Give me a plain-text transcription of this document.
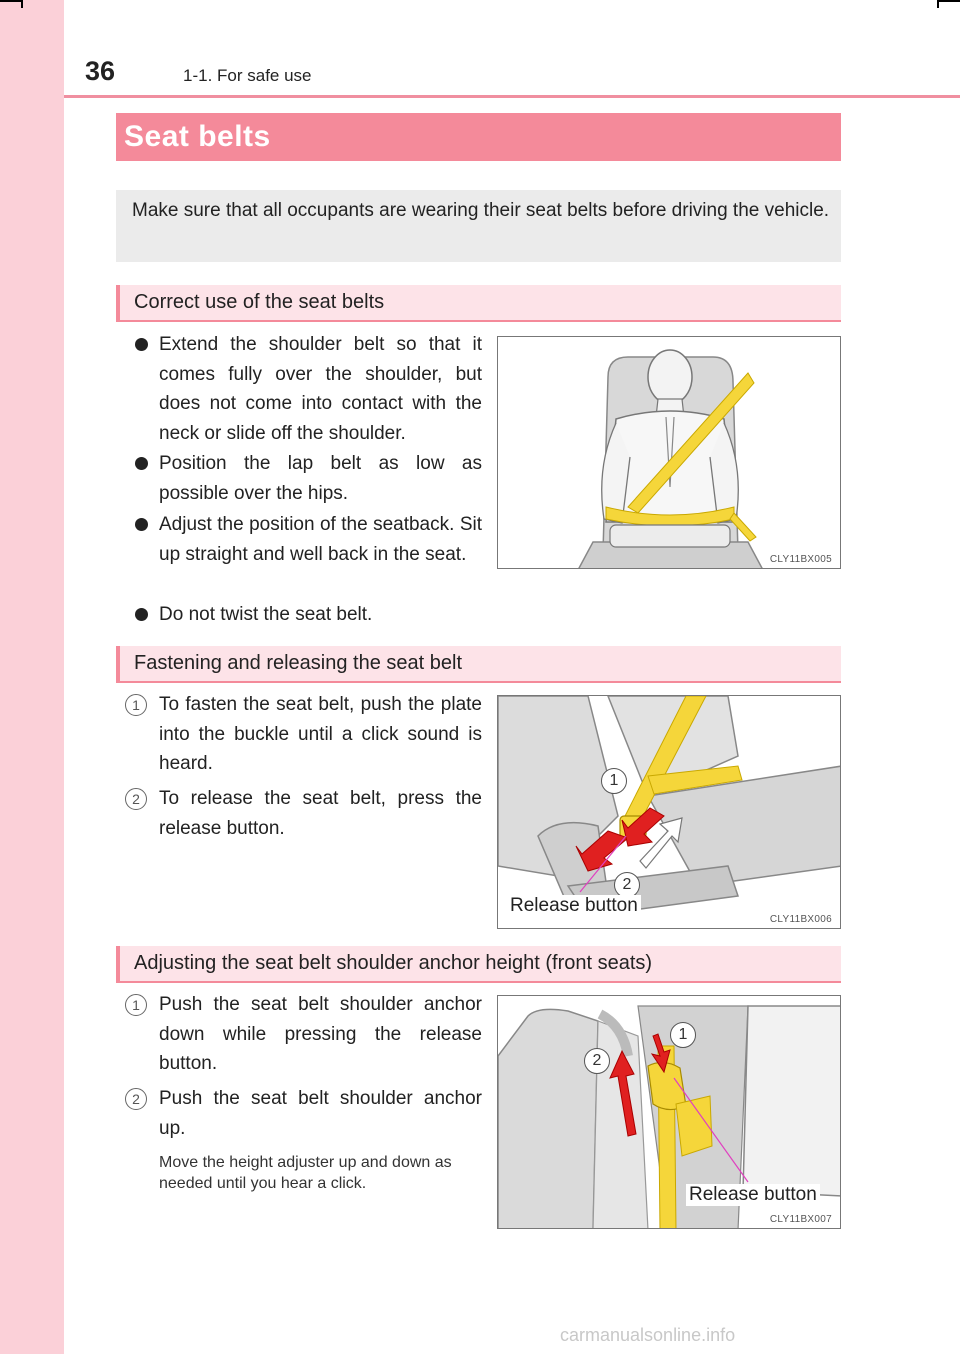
36	1-1. For safe use
Seat belts

Make sure that all occupants are wearing their seat belts before driving the vehicle.

Correct use of the seat belts
Extend the shoulder belt so that it comes fully over the shoulder, but does not come into contact with the neck or slide off the shoulder.
Position the lap belt as low as possible over the hips.
Adjust the position of the seatback. Sit up straight and well back in the seat.
Do not twist the seat belt.
CLY11BX005
Fastening and releasing the seat belt
1	To fasten the seat belt, push the plate into the buckle until a click sound is heard.
2	To release the seat belt, press the release button.
1
2
Release button
CLY11BX006
Adjusting the seat belt shoulder anchor height (front seats)
1	Push the seat belt shoulder anchor down while pressing the release button.
2	Push the seat belt shoulder anchor up.
Move the height adjuster up and down as needed until you hear a click.
1
2
Release button
CLY11BX007
carmanualsonline.info
